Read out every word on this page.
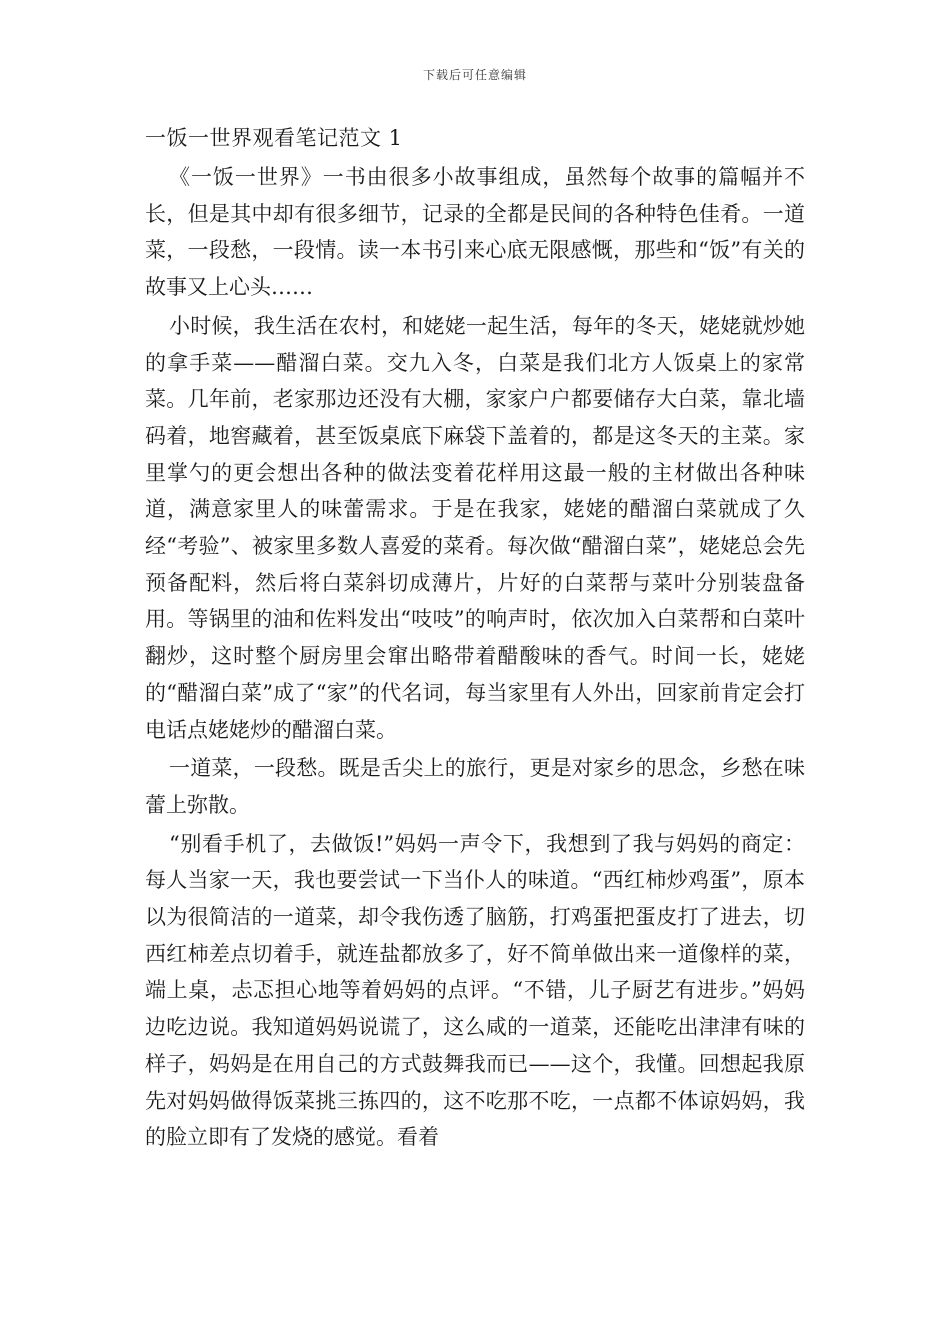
下载后可任意编辑
一饭一世界观看笔记范文 1

《一饭一世界》一书由很多小故事组成，虽然每个故事的篇幅并不长，但是其中却有很多细节，记录的全都是民间的各种特色佳肴。一道菜，一段愁，一段情。读一本书引来心底无限感慨，那些和“饭”有关的故事又上心头……

小时候，我生活在农村，和姥姥一起生活，每年的冬天，姥姥就炒她的拿手菜——醋溜白菜。交九入冬，白菜是我们北方人饭桌上的家常菜。几年前，老家那边还没有大棚，家家户户都要储存大白菜，靠北墙码着，地窖藏着，甚至饭桌底下麻袋下盖着的，都是这冬天的主菜。家里掌勺的更会想出各种的做法变着花样用这最一般的主材做出各种味道，满意家里人的味蕾需求。于是在我家，姥姥的醋溜白菜就成了久经“考验”、被家里多数人喜爱的菜肴。每次做“醋溜白菜”，姥姥总会先预备配料，然后将白菜斜切成薄片，片好的白菜帮与菜叶分别装盘备用。等锅里的油和佐料发出“吱吱”的响声时，依次加入白菜帮和白菜叶翻炒，这时整个厨房里会窜出略带着醋酸味的香气。时间一长，姥姥的“醋溜白菜”成了“家”的代名词，每当家里有人外出，回家前肯定会打电话点姥姥炒的醋溜白菜。

一道菜，一段愁。既是舌尖上的旅行，更是对家乡的思念，乡愁在味蕾上弥散。

“别看手机了，去做饭!”妈妈一声令下，我想到了我与妈妈的商定：每人当家一天，我也要尝试一下当仆人的味道。“西红柿炒鸡蛋”，原本以为很简洁的一道菜，却令我伤透了脑筋，打鸡蛋把蛋皮打了进去，切西红柿差点切着手，就连盐都放多了，好不简单做出来一道像样的菜，端上桌，忐忑担心地等着妈妈的点评。“不错，儿子厨艺有进步。”妈妈边吃边说。我知道妈妈说谎了，这么咸的一道菜，还能吃出津津有味的样子，妈妈是在用自己的方式鼓舞我而已——这个，我懂。回想起我原先对妈妈做得饭菜挑三拣四的，这不吃那不吃，一点都不体谅妈妈，我的脸立即有了发烧的感觉。看着
